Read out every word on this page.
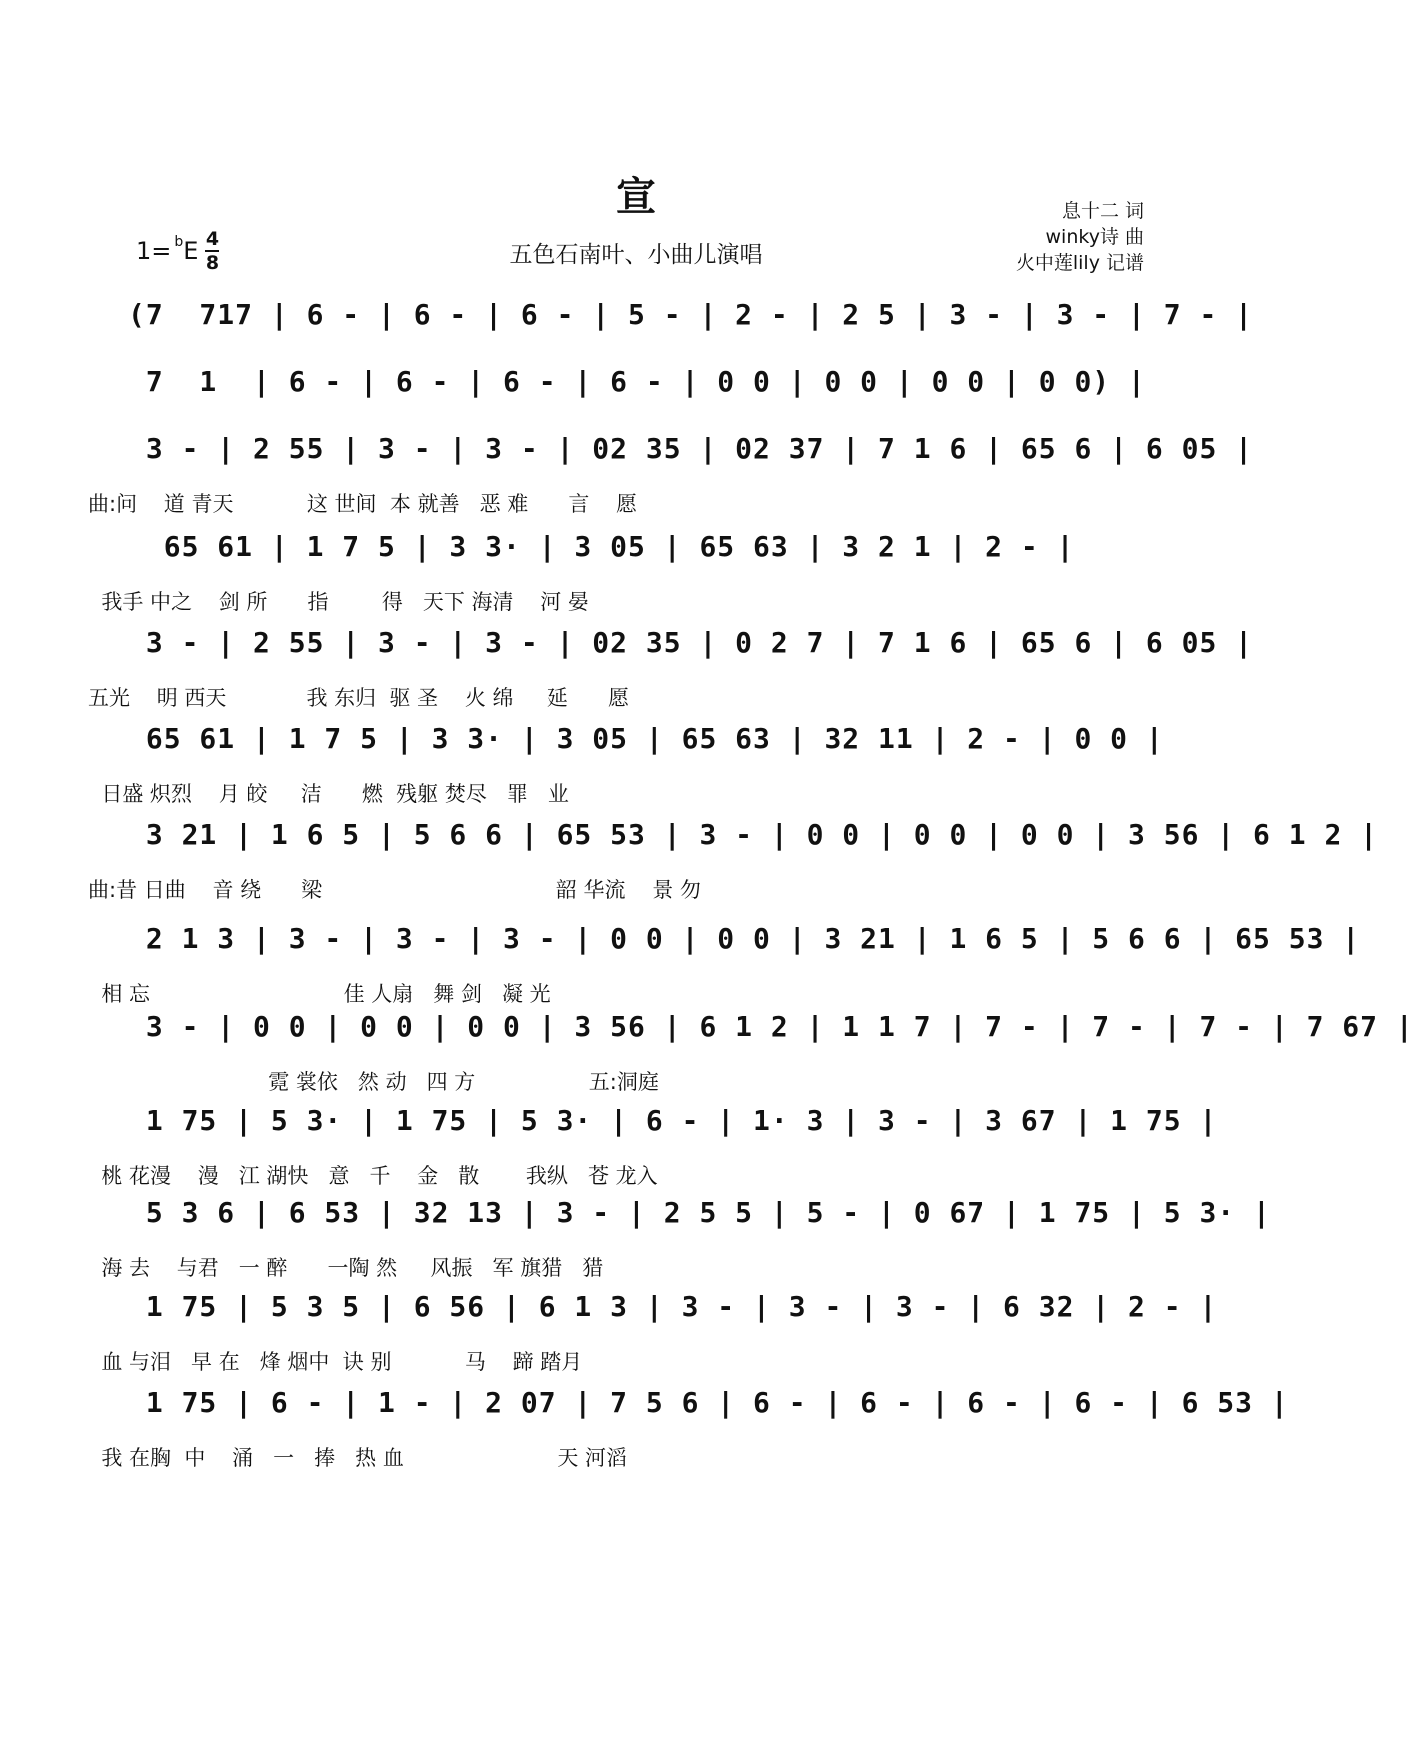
宣
五色石南叶、小曲儿演唱
1= b E $\frac{4}{8}$
息十二 词
winky诗 曲
火中莲lily 记谱
(7  717 | 6 - | 6 - | 6 - | 5 - | 2 - | 2 5 | 3 - | 3 - | 7 - |
7  1  | 6 - | 6 - | 6 - | 6 - | 0 0 | 0 0 | 0 0 | 0 0) |
3 - | 2 55 | 3 - | 3 - | 02 35 | 02 37 | 7 1 6 | 65 6 | 6 05 |
曲:问    道 青天           这 世间  本 就善   恶 难      言    愿
65 61 | 1 7 5 | 3 3· | 3 05 | 65 63 | 3 2 1 | 2 - |
我手 中之    剑 所      指        得   天下 海清    河 晏
3 - | 2 55 | 3 - | 3 - | 02 35 | 0 2 7 | 7 1 6 | 65 6 | 6 05 |
五光    明 西天            我 东归  驱 圣    火 绵     延      愿
65 61 | 1 7 5 | 3 3· | 3 05 | 65 63 | 32 11 | 2 - | 0 0 |
日盛 炽烈    月 皎     洁      燃  残躯 焚尽   罪   业
3 21 | 1 6 5 | 5 6 6 | 65 53 | 3 - | 0 0 | 0 0 | 0 0 | 3 56 | 6 1 2 |
曲:昔 日曲    音 绕      梁                                   韶 华流    景 勿
2 1 3 | 3 - | 3 - | 3 - | 0 0 | 0 0 | 3 21 | 1 6 5 | 5 6 6 | 65 53 |
相 忘                             佳 人扇   舞 剑   凝 光
3 - | 0 0 | 0 0 | 0 0 | 3 56 | 6 1 2 | 1 1 7 | 7 - | 7 - | 7 - | 7 67 |
霓 裳依   然 动   四 方                 五:洞庭
1 75 | 5 3· | 1 75 | 5 3· | 6 - | 1· 3 | 3 - | 3 67 | 1 75 |
桃 花漫    漫   江 湖快   意   千    金   散       我纵   苍 龙入
5 3 6 | 6 53 | 32 13 | 3 - | 2 5 5 | 5 - | 0 67 | 1 75 | 5 3· |
海 去    与君   一 醉      一陶 然     风振   军 旗猎   猎
1 75 | 5 3 5 | 6 56 | 6 1 3 | 3 - | 3 - | 3 - | 6 32 | 2 - |
血 与泪   早 在   烽 烟中  诀 别           马    蹄 踏月
1 75 | 6 - | 1 - | 2 07 | 7 5 6 | 6 - | 6 - | 6 - | 6 - | 6 53 |
我 在胸  中    涌   一   捧   热 血                       天 河滔
